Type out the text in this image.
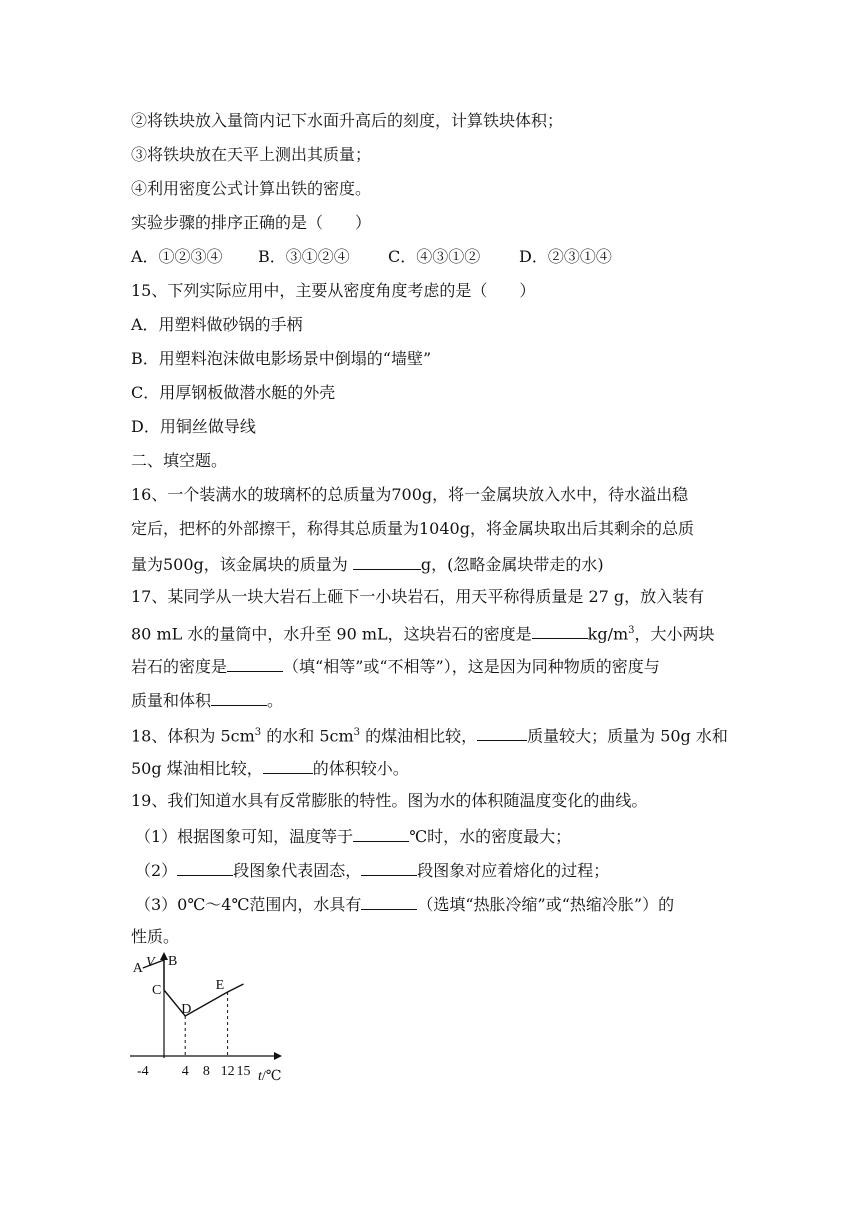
②将铁块放入量筒内记下水面升高后的刻度，计算铁块体积；
③将铁块放在天平上测出其质量；
④利用密度公式计算出铁的密度。
实验步骤的排序正确的是（　　）
A．①②③④ B．③①②④ C．④③①② D．②③①④
15、下列实际应用中，主要从密度角度考虑的是（　　）
A．用塑料做砂锅的手柄
B．用塑料泡沫做电影场景中倒塌的“墙壁”
C．用厚钢板做潜水艇的外壳
D．用铜丝做导线
二、填空题。
16、一个装满水的玻璃杯的总质量为700g，将一金属块放入水中，待水溢出稳
定后，把杯的外部擦干，称得其总质量为1040g，将金属块取出后其剩余的总质
量为500g，该金属块的质量为	g，(忽略金属块带走的水)
17、某同学从一块大岩石上砸下一小块岩石，用天平称得质量是 27 g，放入装有
80 mL 水的量筒中，水升至 90 mL，这块岩石的密度是	$kg/m^3$，大小两块
岩石的密度是	（填“相等”或“不相等”），这是因为同种物质的密度与
质量和体积	。
18、体积为 $5cm^3$ 的水和 $5cm^3$ 的煤油相比较，	质量较大；质量为 50g 水和
50g 煤油相比较，	的体积较小。
19、我们知道水具有反常膨胀的特性。图为水的体积随温度变化的曲线。
（1）根据图象可知，温度等于	℃时，水的密度最大；
（2）	段图象代表固态，	段图象对应着熔化的过程；
（3）0℃～4℃范围内，水具有	（选填“热胀冷缩”或“热缩冷胀”）的
性质。
V
t/℃
-4 4 8 12 15
A B
C
D
E
